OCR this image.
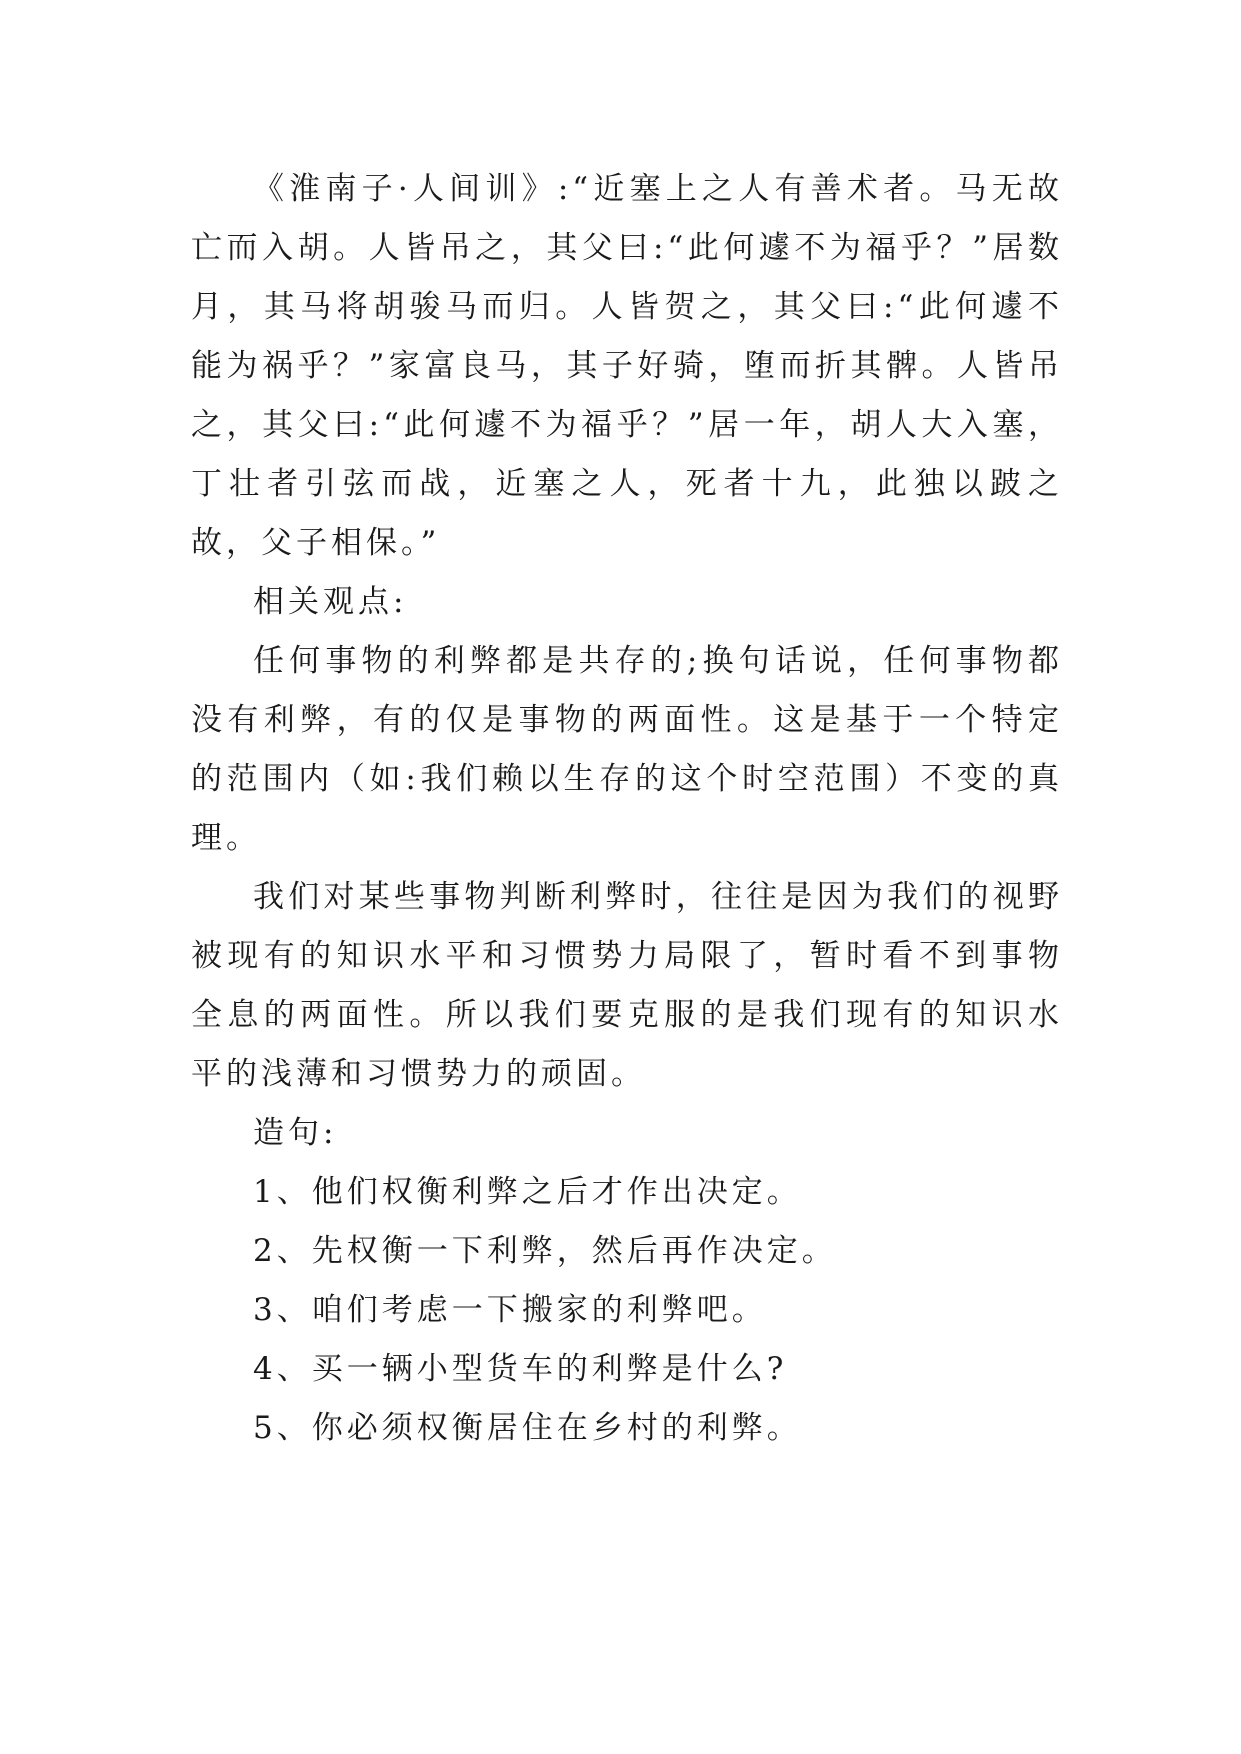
《淮南子·人间训》:“近塞上之人有善术者。马无故亡而入胡。人皆吊之，其父曰:“此何遽不为福乎？”居数月，其马将胡骏马而归。人皆贺之，其父曰:“此何遽不能为祸乎？”家富良马，其子好骑，堕而折其髀。人皆吊之，其父曰:“此何遽不为福乎？”居一年，胡人大入塞，丁壮者引弦而战，近塞之人，死者十九，此独以跛之故，父子相保。”

相关观点:

任何事物的利弊都是共存的;换句话说，任何事物都没有利弊，有的仅是事物的两面性。这是基于一个特定的范围内（如:我们赖以生存的这个时空范围）不变的真理。

我们对某些事物判断利弊时，往往是因为我们的视野被现有的知识水平和习惯势力局限了，暂时看不到事物全息的两面性。所以我们要克服的是我们现有的知识水平的浅薄和习惯势力的顽固。

造句:

1、他们权衡利弊之后才作出决定。

2、先权衡一下利弊，然后再作决定。

3、咱们考虑一下搬家的利弊吧。

4、买一辆小型货车的利弊是什么?

5、你必须权衡居住在乡村的利弊。
